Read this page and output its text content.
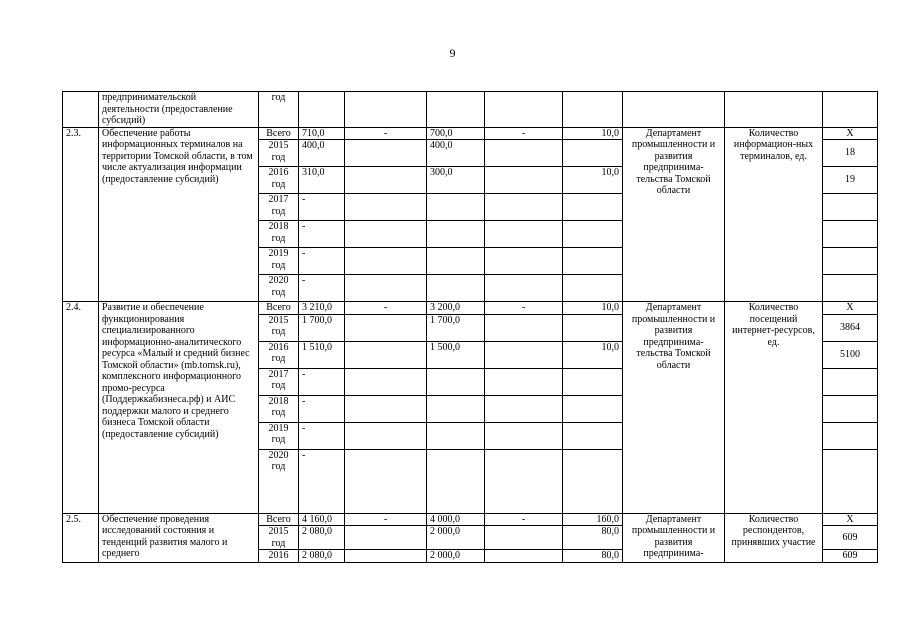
9
	предпринимательской деятельности (предоставление субсидий)	год								
2.3.	Обеспечение работы информационных терминалов на территории Томской области, в том числе актуализация информации (предоставление субсидий)	Всего	710,0	-	700,0	-	10,0	Департамент промышленности и развития предпринима-тельства Томской области	Количество информацион-ных терминалов, ед.	X
		2015 год	400,0		400,0					18
		2016 год	310,0		300,0		10,0			19
		2017 год	-							
		2018 год	-							
		2019 год	-							
		2020 год	-							
2.4.	Развитие и обеспечение функционирования специализированного информационно-аналитического ресурса «Малый и средний бизнес Томской области» (mb.tomsk.ru), комплексного информационного промо-ресурса (Поддержкабизнеса.рф) и АИС поддержки малого и среднего бизнеса Томской области (предоставление субсидий)	Всего	3 210,0	-	3 200,0	-	10,0	Департамент промышленности и развития предпринима-тельства Томской области	Количество посещений интернет-ресурсов, ед.	X
		2015 год	1 700,0		1 700,0					3864
		2016 год	1 510,0		1 500,0		10,0			5100
		2017 год	-							
		2018 год	-							
		2019 год	-							
		2020 год	-							
2.5.	Обеспечение проведения исследований состояния и тенденций развития малого и среднего	Всего	4 160,0	-	4 000,0	-	160,0	Департамент промышленности и развития предпринима-	Количество респондентов, принявших участие	X
		2015 год	2 080,0		2 000,0		80,0			609
		2016	2 080,0		2 000,0		80,0			609
